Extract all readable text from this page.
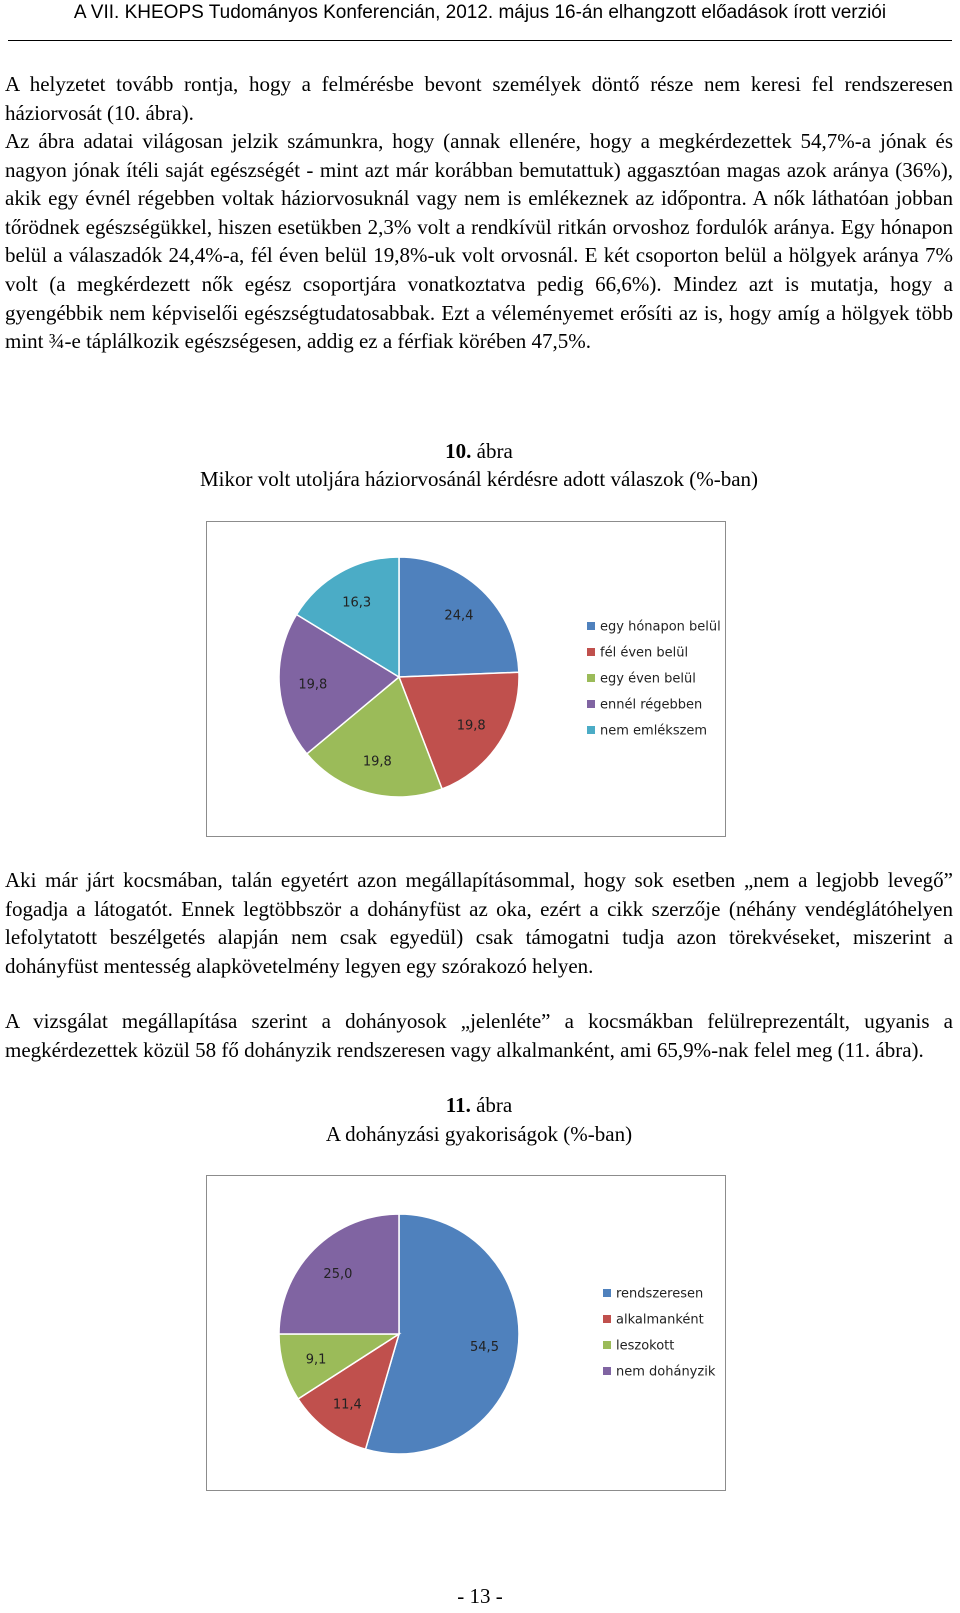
A VII. KHEOPS Tudományos Konferencián, 2012. május 16-án elhangzott előadások írott verziói

A helyzetet tovább rontja, hogy a felmérésbe bevont személyek döntő része nem keresi fel rendszeresen háziorvosát (10. ábra).

Az ábra adatai világosan jelzik számunkra, hogy (annak ellenére, hogy a megkérdezettek 54,7%-a jónak és nagyon jónak ítéli saját egészségét - mint azt már korábban bemutattuk) aggasztóan magas azok aránya (36%), akik egy évnél régebben voltak háziorvosuknál vagy nem is emlékeznek az időpontra. A nők láthatóan jobban tőrödnek egészségükkel, hiszen esetükben 2,3% volt a rendkívül ritkán orvoshoz fordulók aránya. Egy hónapon belül a válaszadók 24,4%-a, fél éven belül 19,8%-uk volt orvosnál. E két csoporton belül a hölgyek aránya 7% volt (a megkérdezett nők egész csoportjára vonatkoztatva pedig 66,6%). Mindez azt is mutatja, hogy a gyengébbik nem képviselői egészségtudatosabbak. Ezt a véleményemet erősíti az is, hogy amíg a hölgyek több mint ¾-e táplálkozik egészségesen, addig ez a férfiak körében 47,5%.

10. ábra
Mikor volt utoljára háziorvosánál kérdésre adott válaszok (%-ban)
24,4
19,8
19,8
19,8
16,3
egy hónapon belül
fél éven belül
egy éven belül
ennél régebben
nem emlékszem

Aki már járt kocsmában, talán egyetért azon megállapításommal, hogy sok esetben „nem a legjobb levegő” fogadja a látogatót. Ennek legtöbbször a dohányfüst az oka, ezért a cikk szerzője (néhány vendéglátóhelyen lefolytatott beszélgetés alapján nem csak egyedül) csak támogatni tudja azon törekvéseket, miszerint a dohányfüst mentesség alapkövetelmény legyen egy szórakozó helyen.

A vizsgálat megállapítása szerint a dohányosok „jelenléte” a kocsmákban felülreprezentált, ugyanis a megkérdezettek közül 58 fő dohányzik rendszeresen vagy alkalmanként, ami 65,9%-nak felel meg (11. ábra).

11. ábra
A dohányzási gyakoriságok (%-ban)
54,5
11,4
9,1
25,0
rendszeresen
alkalmanként
leszokott
nem dohányzik
- 13 -
